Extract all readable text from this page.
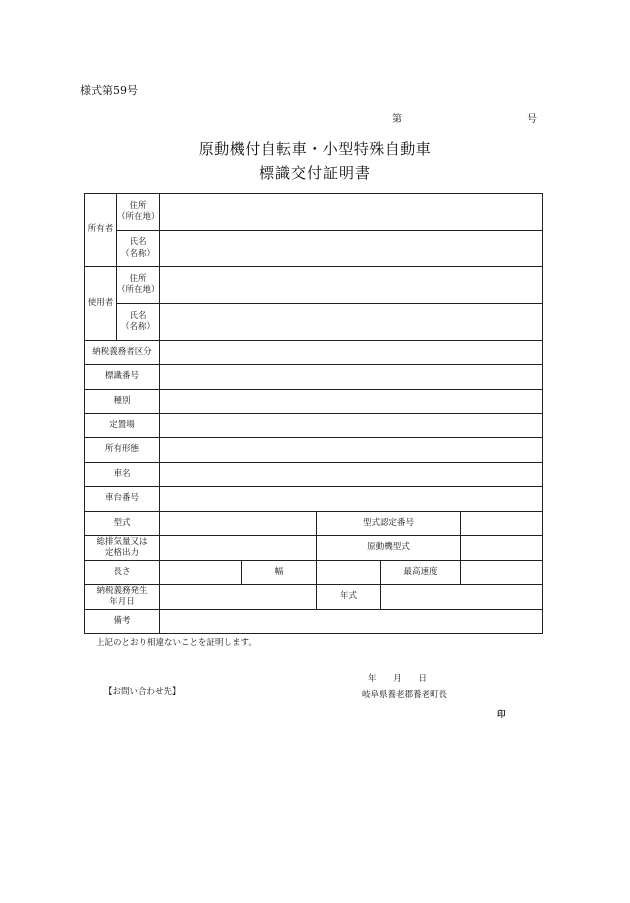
様式第59号
第	号
原動機付自転車・小型特殊自動車
標識交付証明書
所有者	住所
（所在地）					

	氏名
（名称）					

使用者	住所
（所在地）					

	氏名
（名称）					

納税義務者区分						
標識番号						
種別						
定置場						
所有形態						
車名						
車台番号						
型式				型式認定番号		

総排気量又は
定格出力				原動機型式		
長さ			幅		最高速度	

納税義務発生
年月日				年式		
備考						
上記のとおり相違ないことを証明します。
年 月 日
【お問い合わせ先】	岐阜県養老郡養老町長
印
